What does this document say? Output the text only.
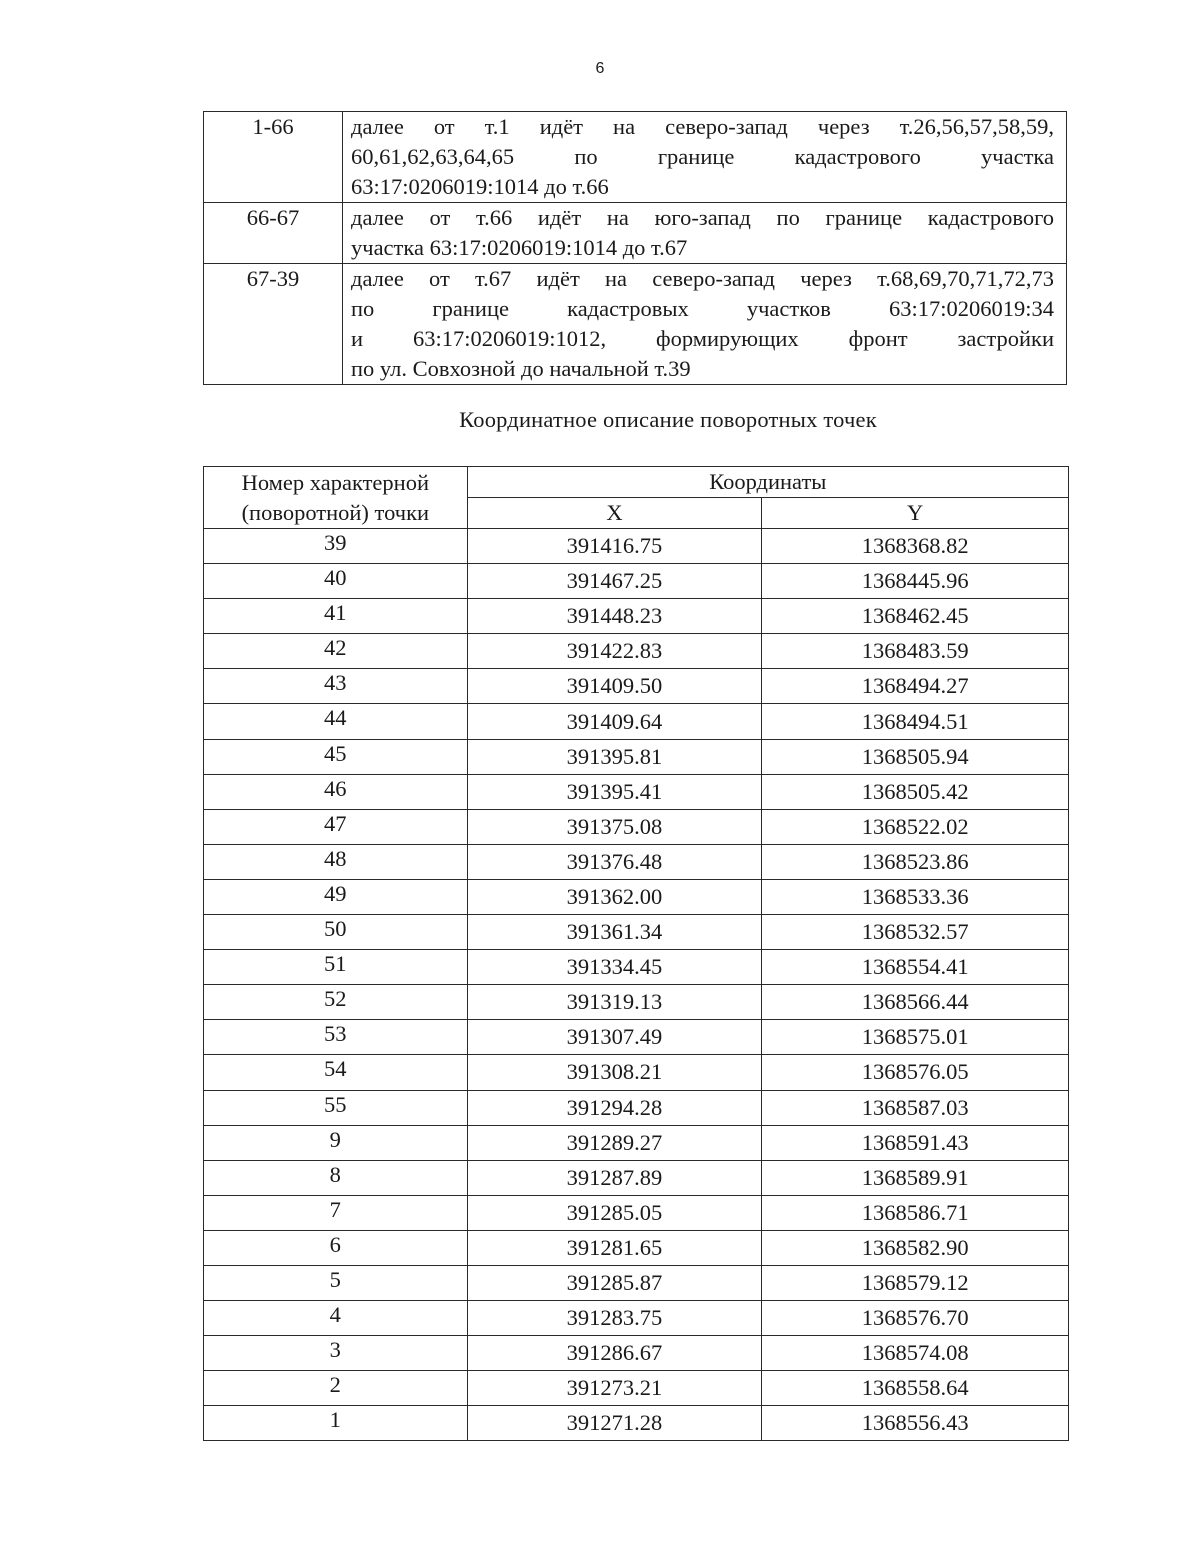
6
1-66	далее от т.1 идёт на северо-запад через т.26,56,57,58,59,
60,61,62,63,64,65 по границе кадастрового участка
63:17:0206019:1014 до т.66

66-67	далее от т.66 идёт на юго-запад по границе кадастрового
участка 63:17:0206019:1014 до т.67

67-39	далее от т.67 идёт на северо-запад через т.68,69,70,71,72,73
по границе кадастровых участков 63:17:0206019:34
и 63:17:0206019:1012, формирующих фронт застройки
по ул. Совхозной до начальной т.39
Координатное описание поворотных точек
Номер характерной
(поворотной) точки	Координаты	
	X	Y
39	391416.75	1368368.82
40	391467.25	1368445.96
41	391448.23	1368462.45
42	391422.83	1368483.59
43	391409.50	1368494.27
44	391409.64	1368494.51
45	391395.81	1368505.94
46	391395.41	1368505.42
47	391375.08	1368522.02
48	391376.48	1368523.86
49	391362.00	1368533.36
50	391361.34	1368532.57
51	391334.45	1368554.41
52	391319.13	1368566.44
53	391307.49	1368575.01
54	391308.21	1368576.05
55	391294.28	1368587.03
9	391289.27	1368591.43
8	391287.89	1368589.91
7	391285.05	1368586.71
6	391281.65	1368582.90
5	391285.87	1368579.12
4	391283.75	1368576.70
3	391286.67	1368574.08
2	391273.21	1368558.64
1	391271.28	1368556.43
